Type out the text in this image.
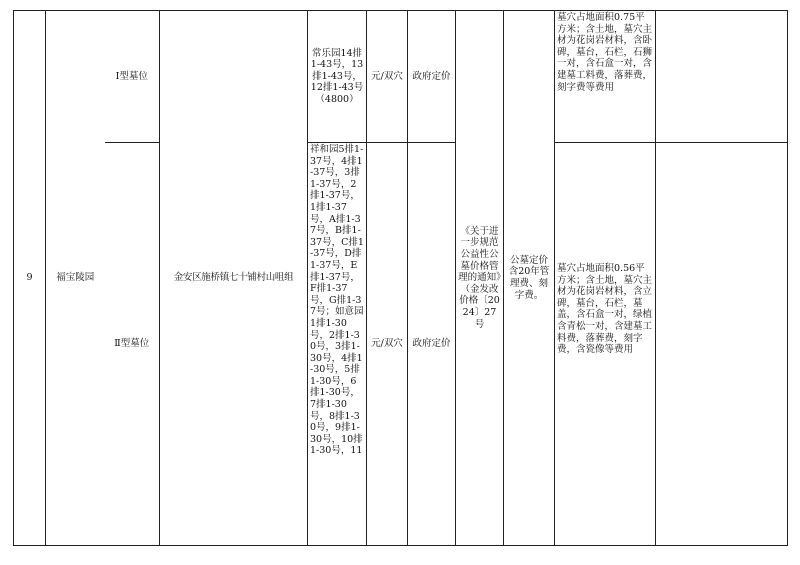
9	福宝陵园	Ⅰ型墓位	金安区施桥镇七十铺村山咀组	常乐园14排1-43号，13排1-43号，12排1-43号（4800）	元/双穴	政府定价	《关于进一步规范公益性公墓价格管理的通知》（金发改价格〔2024〕27号	公墓定价含20年管理费、刻字费。	墓穴占地面积0.75平方米；含土地，墓穴主材为花岗岩材料，含卧碑，墓台，石栏，石狮一对，含石盒一对，含建墓工料费，落葬费，刻字费等费用	
		Ⅱ型墓位		祥和园5排1-37号，4排1-37号，3排1-37号，2排1-37号，1排1-37号，A排1-37号，B排1-37号，C排1-37号，D排1-37号，E排1-37号，F排1-37号，G排1-37号；如意园1排1-30号，2排1-30号，3排1-30号，4排1-30号，5排1-30号，6排1-30号，7排1-30号，8排1-30号，9排1-30号，10排1-30号，11	元/双穴	政府定价			墓穴占地面积0.56平方米；含土地，墓穴主材为花岗岩材料，含立碑，墓台，石栏，墓盖，含石盒一对，绿植含青松一对，含建墓工料费，落葬费，刻字费，含瓷像等费用	
